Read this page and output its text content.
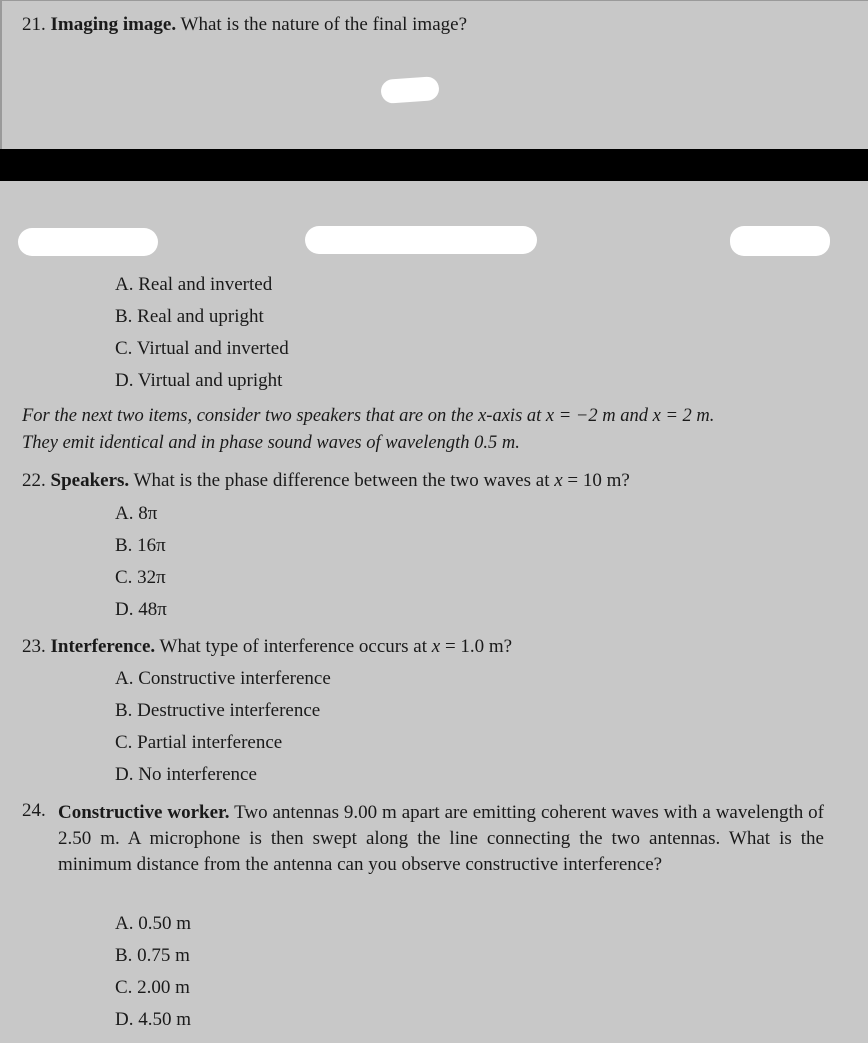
21. Imaging image. What is the nature of the final image?
A. Real and inverted
B. Real and upright
C. Virtual and inverted
D. Virtual and upright
For the next two items, consider two speakers that are on the x-axis at x = −2 m and x = 2 m.
They emit identical and in phase sound waves of wavelength 0.5 m.
22. Speakers. What is the phase difference between the two waves at x = 10 m?
A. 8π
B. 16π
C. 32π
D. 48π
23. Interference. What type of interference occurs at x = 1.0 m?
A. Constructive interference
B. Destructive interference
C. Partial interference
D. No interference
24. Constructive worker. Two antennas 9.00 m apart are emitting coherent waves with a wavelength of 2.50 m. A microphone is then swept along the line connecting the two antennas. What is the minimum distance from the antenna can you observe constructive interference?
A. 0.50 m
B. 0.75 m
C. 2.00 m
D. 4.50 m
